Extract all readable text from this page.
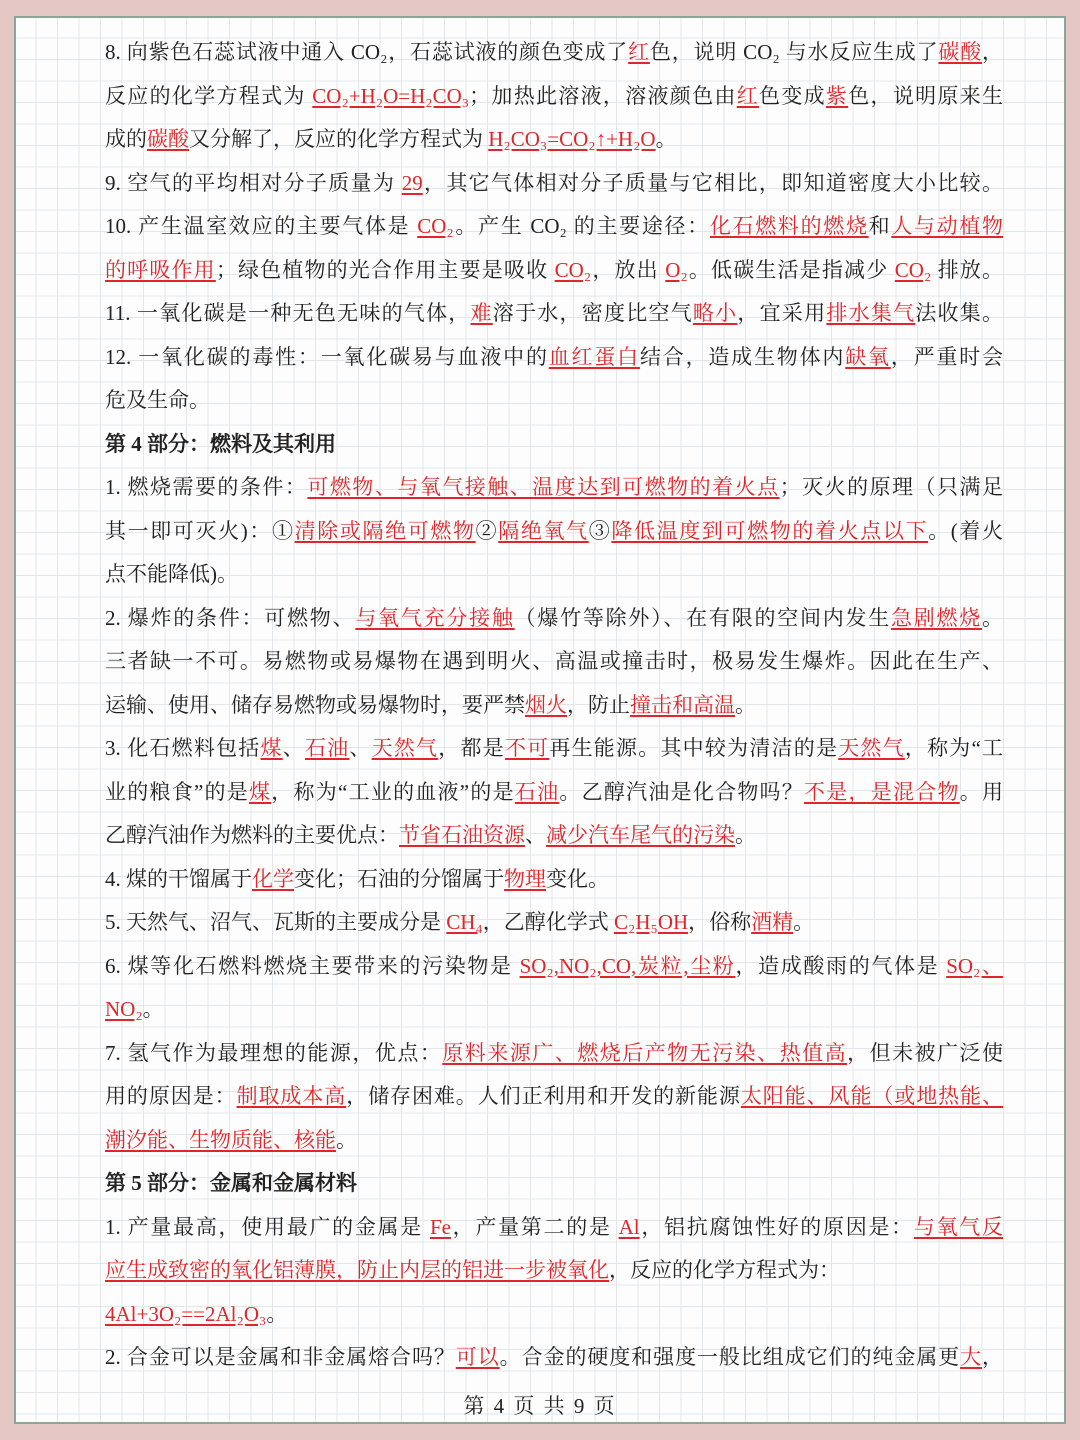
8. 向紫色石蕊试液中通入 CO₂，石蕊试液的颜色变成了红色，说明 CO₂ 与水反应生成了碳酸，
反应的化学方程式为 CO₂+H₂O=H₂CO₃；加热此溶液，溶液颜色由红色变成紫色，说明原来生
成的碳酸又分解了，反应的化学方程式为 H₂CO₃=CO₂↑+H₂O。
9. 空气的平均相对分子质量为 29，其它气体相对分子质量与它相比，即知道密度大小比较。
10. 产生温室效应的主要气体是 CO₂。产生 CO₂ 的主要途径：化石燃料的燃烧和人与动植物
的呼吸作用；绿色植物的光合作用主要是吸收 CO₂，放出 O₂。低碳生活是指减少 CO₂ 排放。
11. 一氧化碳是一种无色无味的气体，难溶于水，密度比空气略小，宜采用排水集气法收集。
12. 一氧化碳的毒性：一氧化碳易与血液中的血红蛋白结合，造成生物体内缺氧，严重时会
危及生命。
第 4 部分：燃料及其利用
1. 燃烧需要的条件：可燃物、与氧气接触、温度达到可燃物的着火点；灭火的原理（只满足
其一即可灭火)：①清除或隔绝可燃物②隔绝氧气③降低温度到可燃物的着火点以下。(着火
点不能降低)。
2. 爆炸的条件：可燃物、与氧气充分接触（爆竹等除外）、在有限的空间内发生急剧燃烧。
三者缺一不可。易燃物或易爆物在遇到明火、高温或撞击时，极易发生爆炸。因此在生产、
运输、使用、储存易燃物或易爆物时，要严禁烟火，防止撞击和高温。
3. 化石燃料包括煤、石油、天然气，都是不可再生能源。其中较为清洁的是天然气，称为“工
业的粮食”的是煤，称为“工业的血液”的是石油。乙醇汽油是化合物吗？不是，是混合物。用
乙醇汽油作为燃料的主要优点：节省石油资源、减少汽车尾气的污染。
4. 煤的干馏属于化学变化；石油的分馏属于物理变化。
5. 天然气、沼气、瓦斯的主要成分是 CH₄，乙醇化学式 C₂H₅OH，俗称酒精。
6. 煤等化石燃料燃烧主要带来的污染物是 SO₂,NO₂,CO,炭粒,尘粉，造成酸雨的气体是 SO₂、
NO₂。
7. 氢气作为最理想的能源，优点：原料来源广、燃烧后产物无污染、热值高，但未被广泛使
用的原因是：制取成本高，储存困难。人们正利用和开发的新能源太阳能、风能（或地热能、
潮汐能、生物质能、核能。
第 5 部分：金属和金属材料
1. 产量最高，使用最广的金属是 Fe，产量第二的是 Al，铝抗腐蚀性好的原因是：与氧气反
应生成致密的氧化铝薄膜，防止内层的铝进一步被氧化，反应的化学方程式为：
4Al+3O₂==2Al₂O₃。
2. 合金可以是金属和非金属熔合吗？可以。合金的硬度和强度一般比组成它们的纯金属更大，
第 4 页 共 9 页
